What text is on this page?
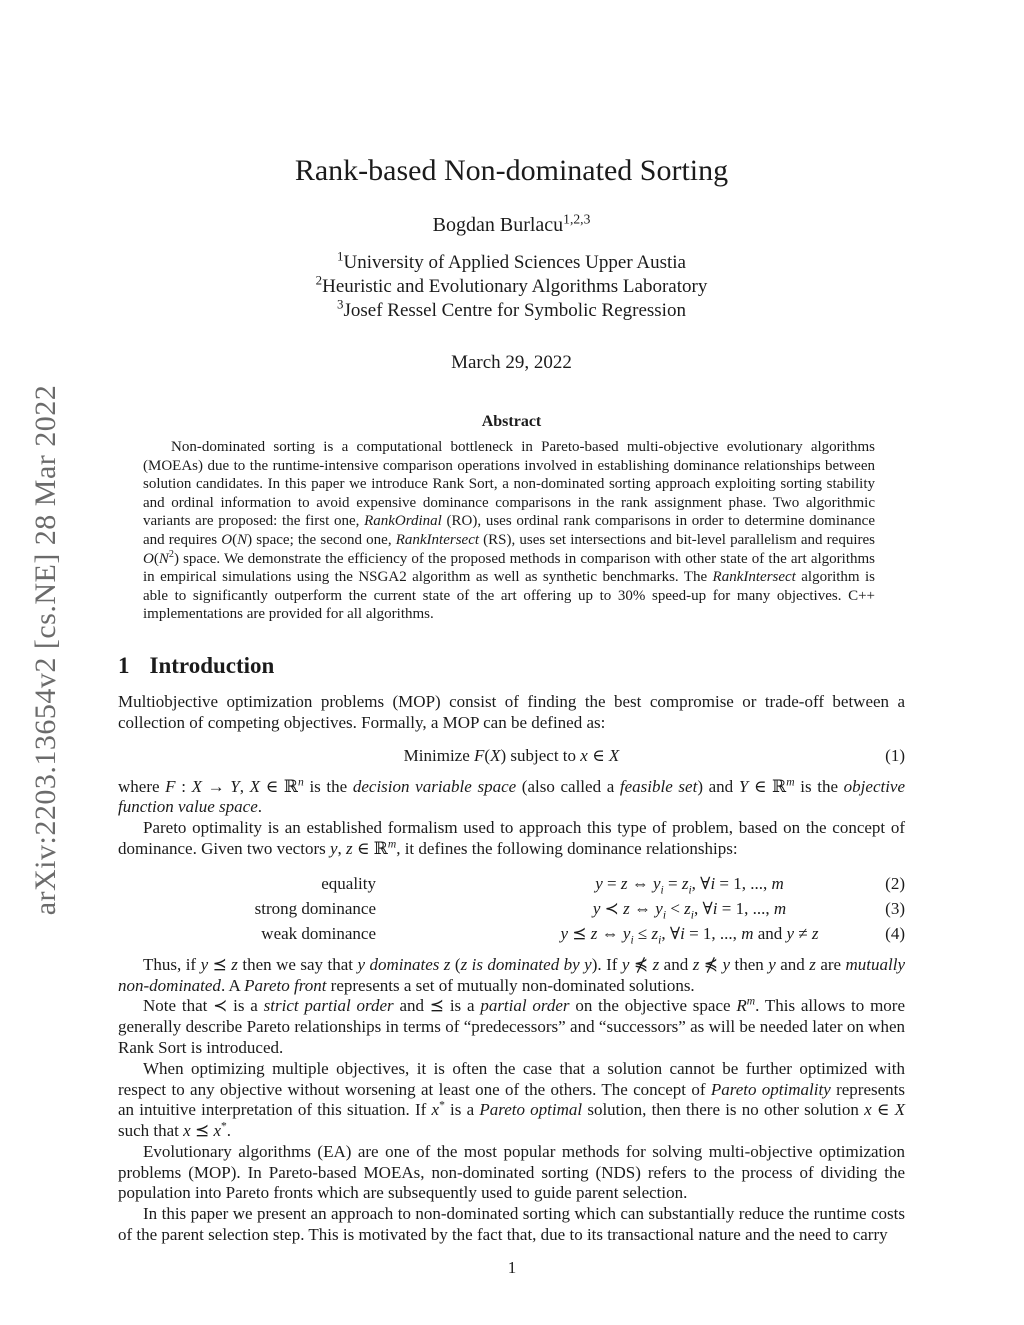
arXiv:2203.13654v2 [cs.NE] 28 Mar 2022
Rank-based Non-dominated Sorting
Bogdan Burlacu$^{1,2,3}$
$^1$University of Applied Sciences Upper Austia
$^2$Heuristic and Evolutionary Algorithms Laboratory
$^3$Josef Ressel Centre for Symbolic Regression
March 29, 2022
Abstract

Non-dominated sorting is a computational bottleneck in Pareto-based multi-objective evolutionary algorithms (MOEAs) due to the runtime-intensive comparison operations involved in establishing dominance relationships between solution candidates. In this paper we introduce Rank Sort, a non-dominated sorting approach exploiting sorting stability and ordinal information to avoid expensive dominance comparisons in the rank assignment phase. Two algorithmic variants are proposed: the first one, RankOrdinal (RO), uses ordinal rank comparisons in order to determine dominance and requires O(N) space; the second one, RankIntersect (RS), uses set intersections and bit-level parallelism and requires $O(N^2)$ space. We demonstrate the efficiency of the proposed methods in comparison with other state of the art algorithms in empirical simulations using the NSGA2 algorithm as well as synthetic benchmarks. The RankIntersect algorithm is able to significantly outperform the current state of the art offering up to 30% speed-up for many objectives. C++ implementations are provided for all algorithms.

1 Introduction

Multiobjective optimization problems (MOP) consist of finding the best compromise or trade-off between a collection of competing objectives. Formally, a MOP can be defined as:

Minimize F(X) subject to x ∈ X	(1)

where F : X → Y, X ∈ ℝ$^n$ is the decision variable space (also called a feasible set) and Y ∈ ℝ$^m$ is the objective function value space.

Pareto optimality is an established formalism used to approach this type of problem, based on the concept of dominance. Given two vectors y, z ∈ ℝ$^m$, it defines the following dominance relationships:

equality	y = z ⇔ $y_i = z_i$, ∀i = 1, ..., m	(2)
strong dominance	y ≺ z ⇔ $y_i < z_i$, ∀i = 1, ..., m	(3)
weak dominance	y ⪯ z ⇔ $y_i \le z_i$, ∀i = 1, ..., m and y ≠ z	(4)

Thus, if y ⪯ z then we say that y dominates z (z is dominated by y). If y ⋠ z and z ⋠ y then y and z are mutually non-dominated. A Pareto front represents a set of mutually non-dominated solutions.

Note that ≺ is a strict partial order and ⪯ is a partial order on the objective space $R^m$. This allows to more generally describe Pareto relationships in terms of “predecessors” and “successors” as will be needed later on when Rank Sort is introduced.

When optimizing multiple objectives, it is often the case that a solution cannot be further optimized with respect to any objective without worsening at least one of the others. The concept of Pareto optimality represents an intuitive interpretation of this situation. If x* is a Pareto optimal solution, then there is no other solution x ∈ X such that x ⪯ x*.

Evolutionary algorithms (EA) are one of the most popular methods for solving multi-objective optimization problems (MOP). In Pareto-based MOEAs, non-dominated sorting (NDS) refers to the process of dividing the population into Pareto fronts which are subsequently used to guide parent selection.

In this paper we present an approach to non-dominated sorting which can substantially reduce the runtime costs of the parent selection step. This is motivated by the fact that, due to its transactional nature and the need to carry

1
